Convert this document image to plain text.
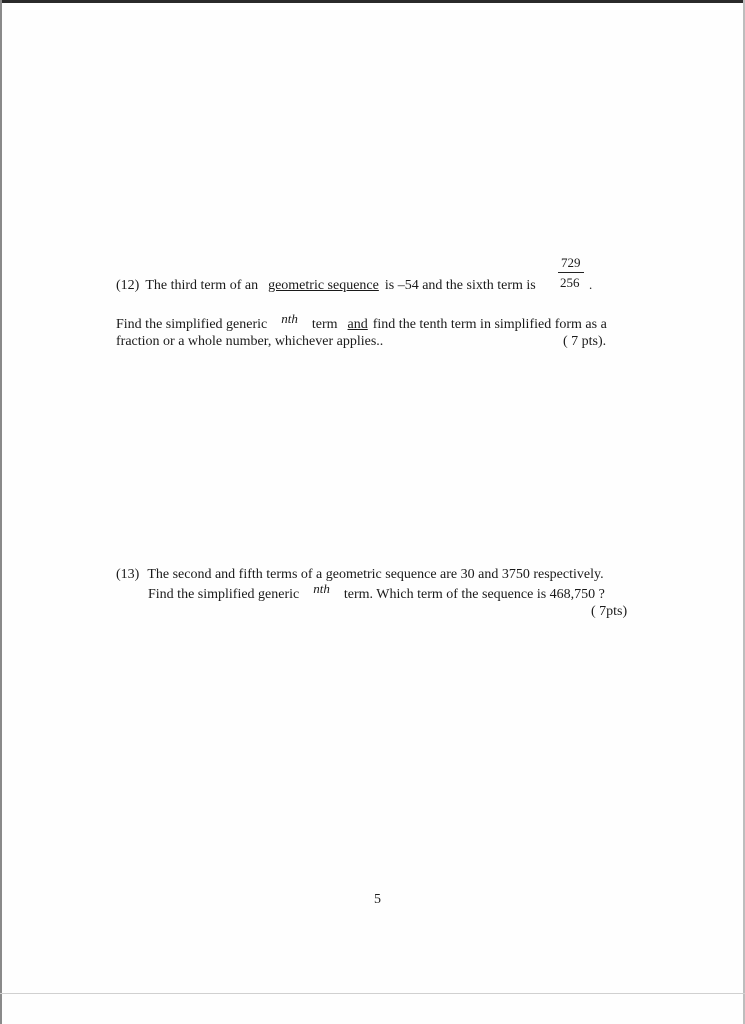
729
(12) The third term of an geometric sequence is –54 and the sixth term is 256 .
Find the simplified generic nth term and find the tenth term in simplified form as a
fraction or a whole number, whichever applies..	( 7 pts).
(13) The second and fifth terms of a geometric sequence are 30 and 3750 respectively.
Find the simplified generic nth term. Which term of the sequence is 468,750 ?
( 7pts)
5
